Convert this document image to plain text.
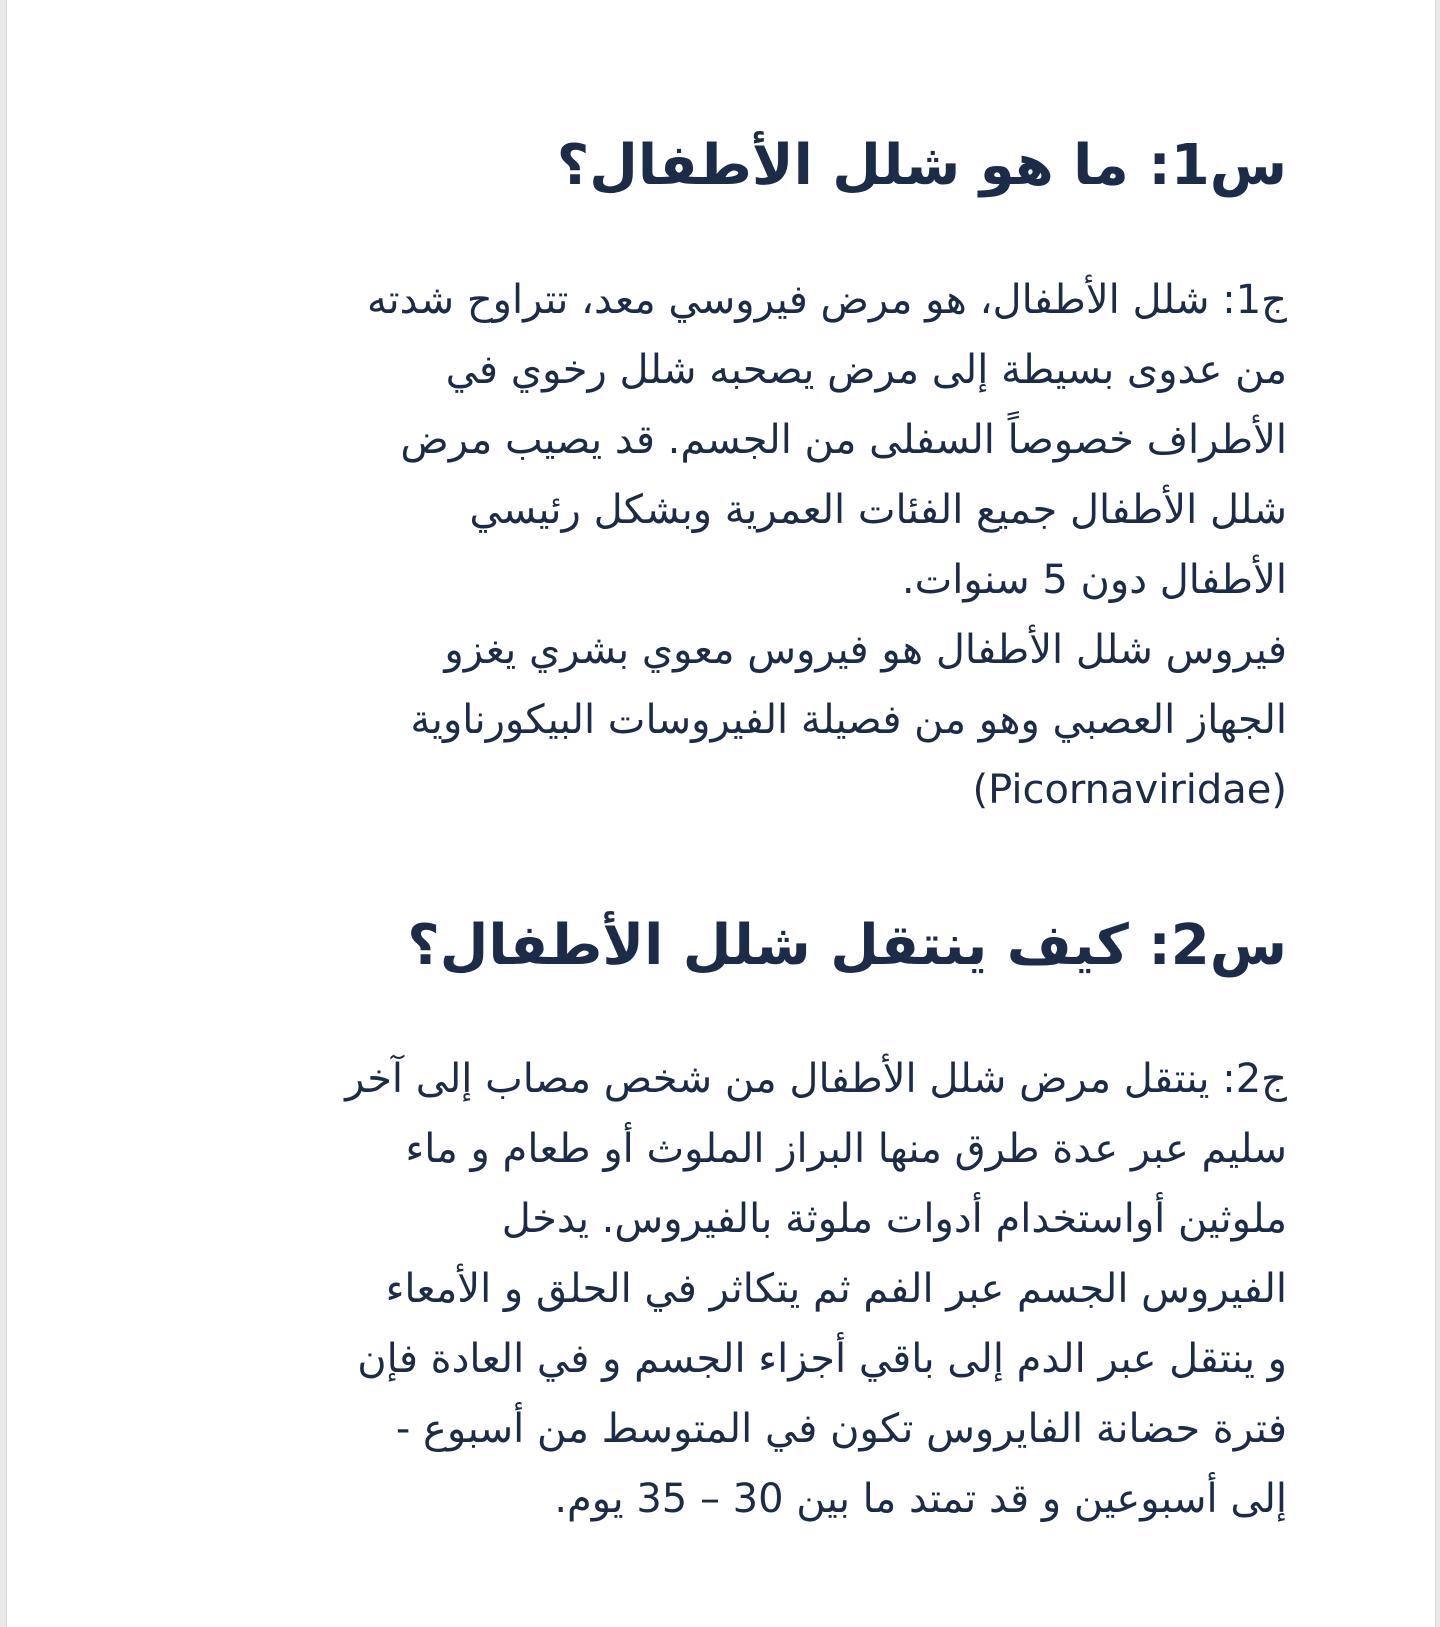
س1: ما هو شلل الأطفال؟
ج1: شلل الأطفال، هو مرض فيروسي معد، تتراوح شدته
من عدوى بسيطة إلى مرض يصحبه شلل رخوي في
الأطراف خصوصاً السفلى من الجسم. قد يصيب مرض
شلل الأطفال جميع الفئات العمرية وبشكل رئيسي
الأطفال دون 5 سنوات.
فيروس شلل الأطفال هو فيروس معوي بشري يغزو
الجهاز العصبي وهو من فصيلة الفيروسات البيكورناوية
(Picornaviridae)
س2: كيف ينتقل شلل الأطفال؟
ج2: ينتقل مرض شلل الأطفال من شخص مصاب إلى آخر
سليم عبر عدة طرق منها البراز الملوث أو طعام و ماء
ملوثين أواستخدام أدوات ملوثة بالفيروس. يدخل
الفيروس الجسم عبر الفم ثم يتكاثر في الحلق و الأمعاء
و ينتقل عبر الدم إلى باقي أجزاء الجسم و في العادة فإن
فترة حضانة الفايروس تكون في المتوسط من أسبوع -
إلى أسبوعين و قد تمتد ما بين 30 – 35 يوم.
